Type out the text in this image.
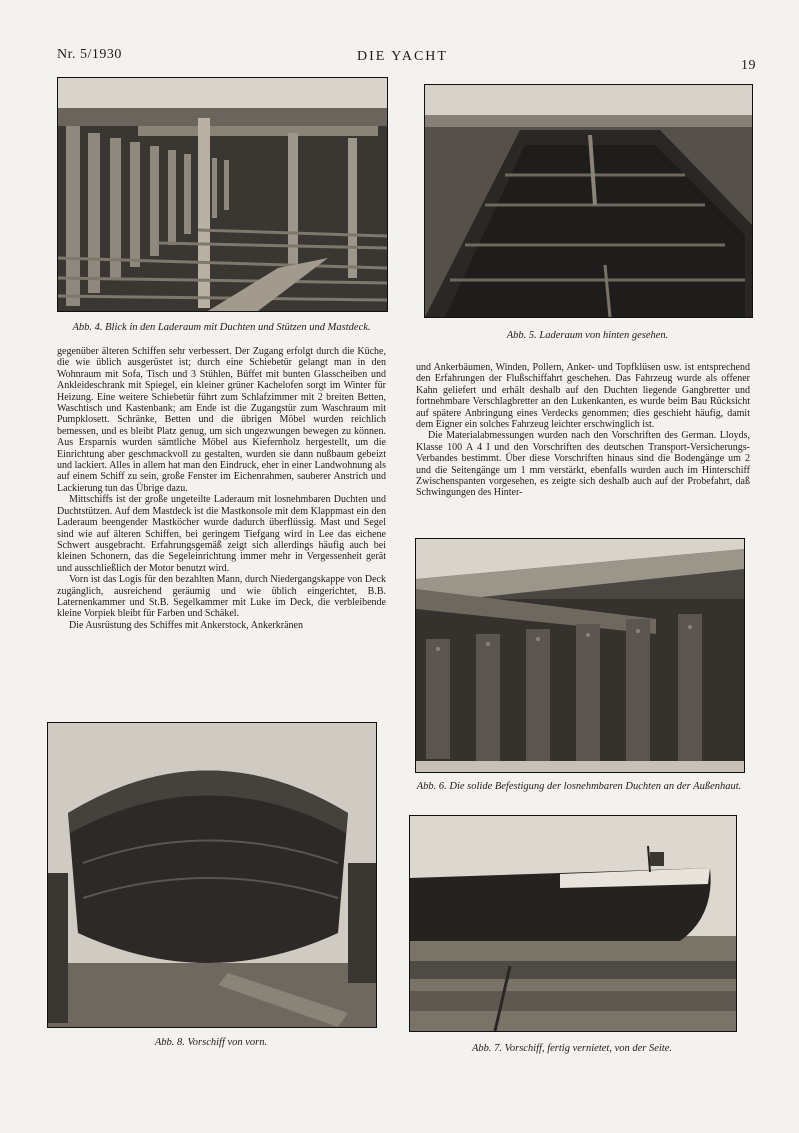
Nr. 5/1930	DIE YACHT
19
Abb. 4. Blick in den Laderaum mit Duchten und Stützen und Mastdeck.
Abb. 5. Laderaum von hinten gesehen.

gegenüber älteren Schiffen sehr verbessert. Der Zugang erfolgt durch die Küche, die wie üblich ausgerüstet ist; durch eine Schiebetür gelangt man in den Wohnraum mit Sofa, Tisch und 3 Stühlen, Büffet mit bunten Glasscheiben und Ankleideschrank mit Spiegel, ein kleiner grüner Kachelofen sorgt im Winter für Heizung. Eine weitere Schiebetür führt zum Schlafzimmer mit 2 breiten Betten, Waschtisch und Kastenbank; am Ende ist die Zugangstür zum Waschraum mit Pumpklosett. Schränke, Betten und die übrigen Möbel wurden reichlich bemessen, und es bleibt Platz genug, um sich ungezwungen bewegen zu können. Aus Ersparnis wurden sämtliche Möbel aus Kiefernholz hergestellt, um die Einrichtung aber geschmackvoll zu gestalten, wurden sie dann nußbaum gebeizt und lackiert. Alles in allem hat man den Eindruck, eher in einer Landwohnung als auf einem Schiff zu sein, große Fenster im Eichenrahmen, sauberer Anstrich und Lackierung tun das Übrige dazu.

Mittschiffs ist der große ungeteilte Laderaum mit losnehmbaren Duchten und Duchtstützen. Auf dem Mastdeck ist die Mastkonsole mit dem Klappmast ein den Laderaum beengender Mastköcher wurde dadurch überflüssig. Mast und Segel sind wie auf älteren Schiffen, bei geringem Tiefgang wird in Lee das eichene Schwert ausgebracht. Erfahrungsgemäß zeigt sich allerdings häufig auch bei kleinen Schonern, das die Segeleinrichtung immer mehr in Vergessenheit gerät und ausschließlich der Motor benutzt wird.

Vorn ist das Logis für den bezahlten Mann, durch Niedergangskappe von Deck zugänglich, ausreichend geräumig und wie üblich eingerichtet, B.B. Laternenkammer und St.B. Segelkammer mit Luke im Deck, die verbleibende kleine Vorpiek bleibt für Farben und Schäkel.

Die Ausrüstung des Schiffes mit Ankerstock, Ankerkränen

und Ankerbäumen, Winden, Pollern, Anker- und Topfklüsen usw. ist entsprechend den Erfahrungen der Flußschiffahrt geschehen. Das Fahrzeug wurde als offener Kahn geliefert und erhält deshalb auf den Duchten liegende Gangbretter und fortnehmbare Verschlagbretter an den Lukenkanten, es wurde beim Bau Rücksicht auf spätere Anbringung eines Verdecks genommen; dies geschieht häufig, damit dem Eigner ein solches Fahrzeug leichter erschwinglich ist.

Die Materialabmessungen wurden nach den Vorschriften des German. Lloyds, Klasse 100 A 4 I und den Vorschriften des deutschen Transport-Versicherungs-Verbandes bestimmt. Über diese Vorschriften hinaus sind die Bodengänge um 2 und die Seitengänge um 1 mm verstärkt, ebenfalls wurden auch im Hinterschiff Zwischenspanten vorgesehen, es zeigte sich deshalb auch auf der Probefahrt, daß Schwingungen des Hinter-

Abb. 6. Die solide Befestigung der losnehmbaren Duchten an der Außenhaut.
Abb. 8. Vorschiff von vorn.
Abb. 7. Vorschiff, fertig vernietet, von der Seite.
